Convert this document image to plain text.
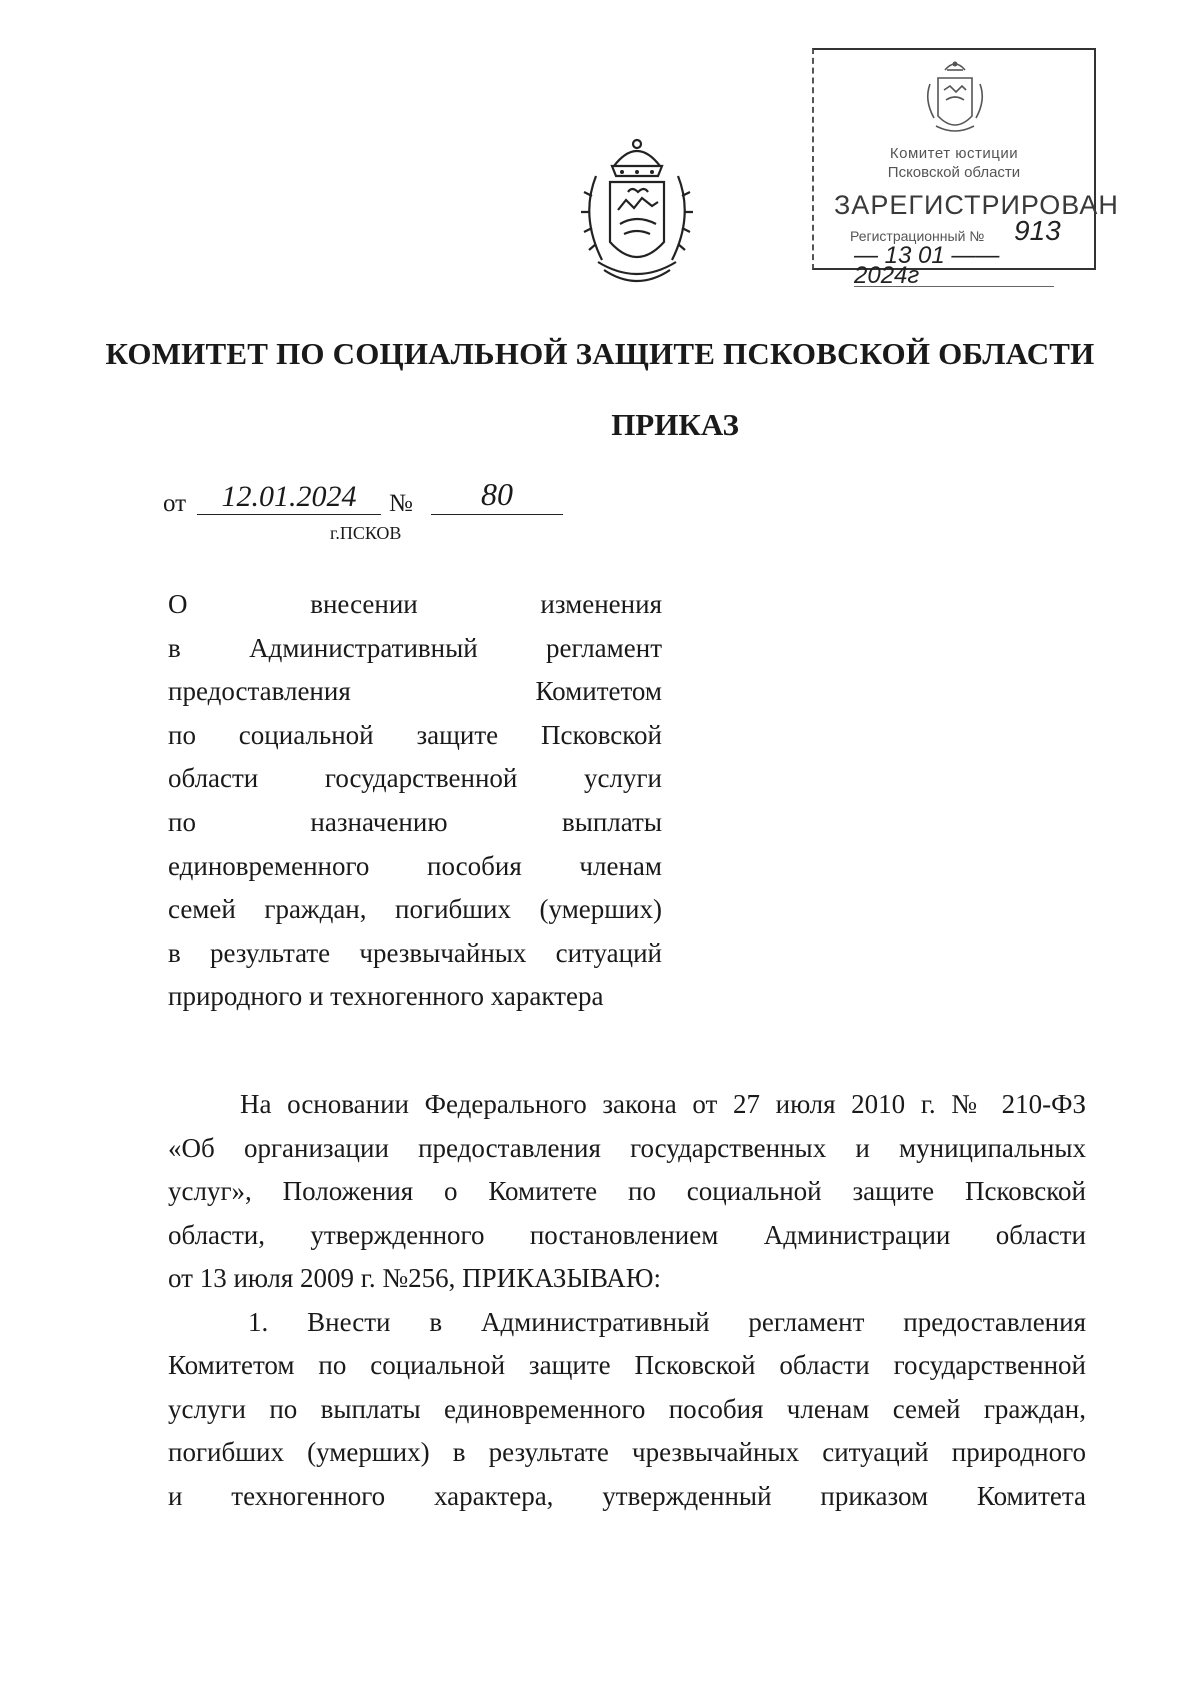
Комитет юстиции
Псковской области
ЗАРЕГИСТРИРОВАН
Регистрационный № 913
— 13 01 —— 2024г
КОМИТЕТ ПО СОЦИАЛЬНОЙ ЗАЩИТЕ ПСКОВСКОЙ ОБЛАСТИ
ПРИКАЗ
от	12.01.2024	№	80
г.ПСКОВ
О внесении изменения
в Административный регламент
предоставления Комитетом
по социальной защите Псковской
области государственной услуги
по назначению выплаты
единовременного пособия членам
семей граждан, погибших (умерших)
в результате чрезвычайных ситуаций
природного и техногенного характера
На основании Федерального закона от 27 июля 2010 г. № 210-ФЗ
«Об организации предоставления государственных и муниципальных
услуг», Положения о Комитете по социальной защите Псковской
области, утвержденного постановлением Администрации области
от 13 июля 2009 г. №256, ПРИКАЗЫВАЮ:
1. Внести в Административный регламент предоставления
Комитетом по социальной защите Псковской области государственной
услуги по выплаты единовременного пособия членам семей граждан,
погибших (умерших) в результате чрезвычайных ситуаций природного
и техногенного характера, утвержденный приказом Комитета
